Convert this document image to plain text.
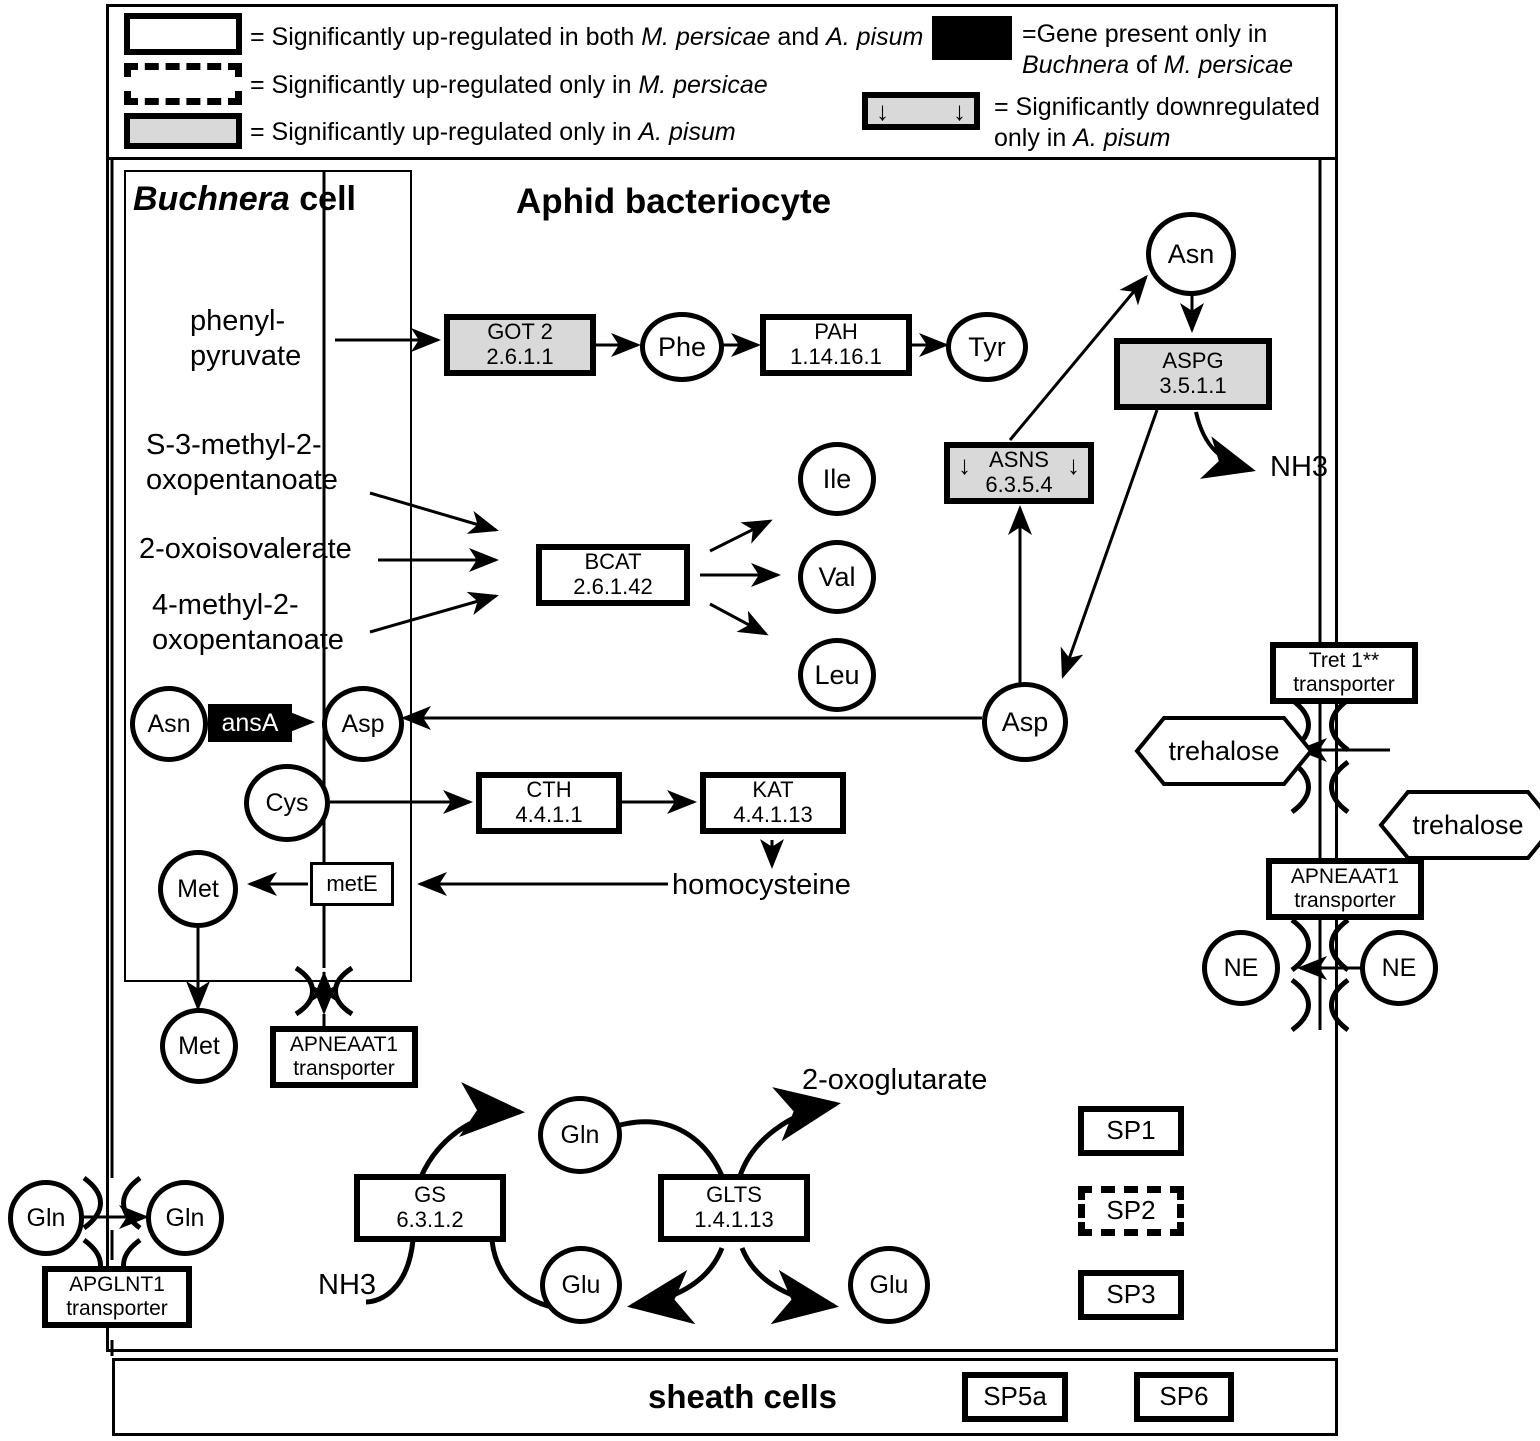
= Significantly up-regulated in both M. persicae and A. pisum
= Significantly up-regulated only in M. persicae
= Significantly up-regulated only in A. pisum
=Gene present only in
Buchnera of M. persicae
↓ ↓ = Significantly downregulated
only in A. pisum
Buchnera cell	Aphid bacteriocyte
sheath cells
phenyl-
pyruvate
S-3-methyl-2-
oxopentanoate
2-oxoisovalerate
4-methyl-2-
oxopentanoate
homocysteine
2-oxoglutarate
NH3
NH3
GOT 2
2.6.1.1
PAH
1.14.16.1
BCAT
2.6.1.42
↓	↓
ASNS
6.3.5.4
ASPG
3.5.1.1
CTH
4.4.1.1
KAT
4.4.1.13
metE
ansA
GS
6.3.1.2
GLTS
1.4.1.13
Phe	Tyr
Ile
Val
Leu
Asn
Asp
Asn	Asp
Cys
Met
Met
Gln	Gln
Gln
Glu	Glu
NE	NE
trehalose
trehalose
Tret 1**
transporter
APNEAAT1
transporter
APNEAAT1
transporter
APGLNT1
transporter
SP1
SP2
SP3
SP5a	SP6
